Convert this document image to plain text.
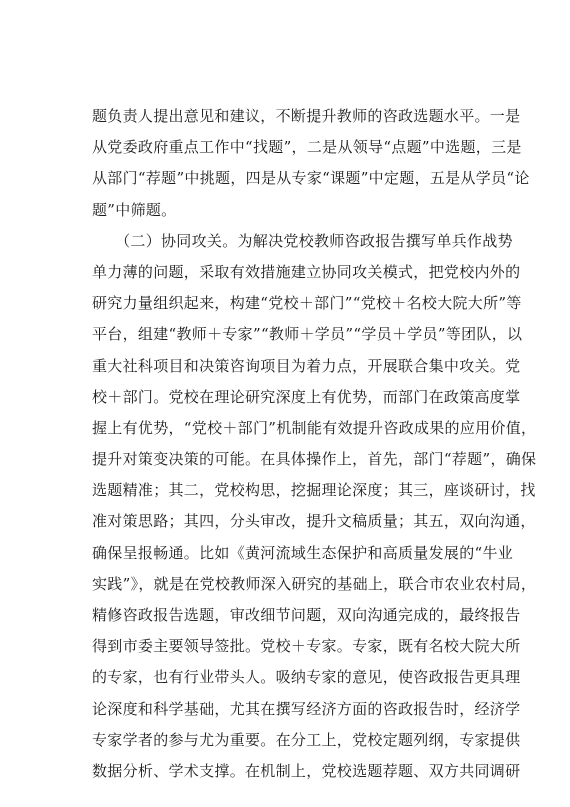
题负责人提出意见和建议，不断提升教师的咨政选题水平。一是
从党委政府重点工作中“找题”，二是从领导“点题”中选题，三是
从部门“荐题”中挑题，四是从专家“课题”中定题，五是从学员“论
题”中筛题。
　　（二）协同攻关。为解决党校教师咨政报告撰写单兵作战势
单力薄的问题，采取有效措施建立协同攻关模式，把党校内外的
研究力量组织起来，构建“党校＋部门”“党校＋名校大院大所”等
平台，组建“教师＋专家”“教师＋学员”“学员＋学员”等团队，以
重大社科项目和决策咨询项目为着力点，开展联合集中攻关。党
校＋部门。党校在理论研究深度上有优势，而部门在政策高度掌
握上有优势，“党校＋部门”机制能有效提升咨政成果的应用价值，
提升对策变决策的可能。在具体操作上，首先，部门“荐题”，确保
选题精准；其二，党校构思，挖掘理论深度；其三，座谈研讨，找
准对策思路；其四，分头审改，提升文稿质量；其五，双向沟通，
确保呈报畅通。比如《黄河流域生态保护和高质量发展的“牛业
实践”》，就是在党校教师深入研究的基础上，联合市农业农村局，
精修咨政报告选题，审改细节问题，双向沟通完成的，最终报告
得到市委主要领导签批。党校＋专家。专家，既有名校大院大所
的专家，也有行业带头人。吸纳专家的意见，使咨政报告更具理
论深度和科学基础，尤其在撰写经济方面的咨政报告时，经济学
专家学者的参与尤为重要。在分工上，党校定题列纲，专家提供
数据分析、学术支撑。在机制上，党校选题荐题、双方共同调研
